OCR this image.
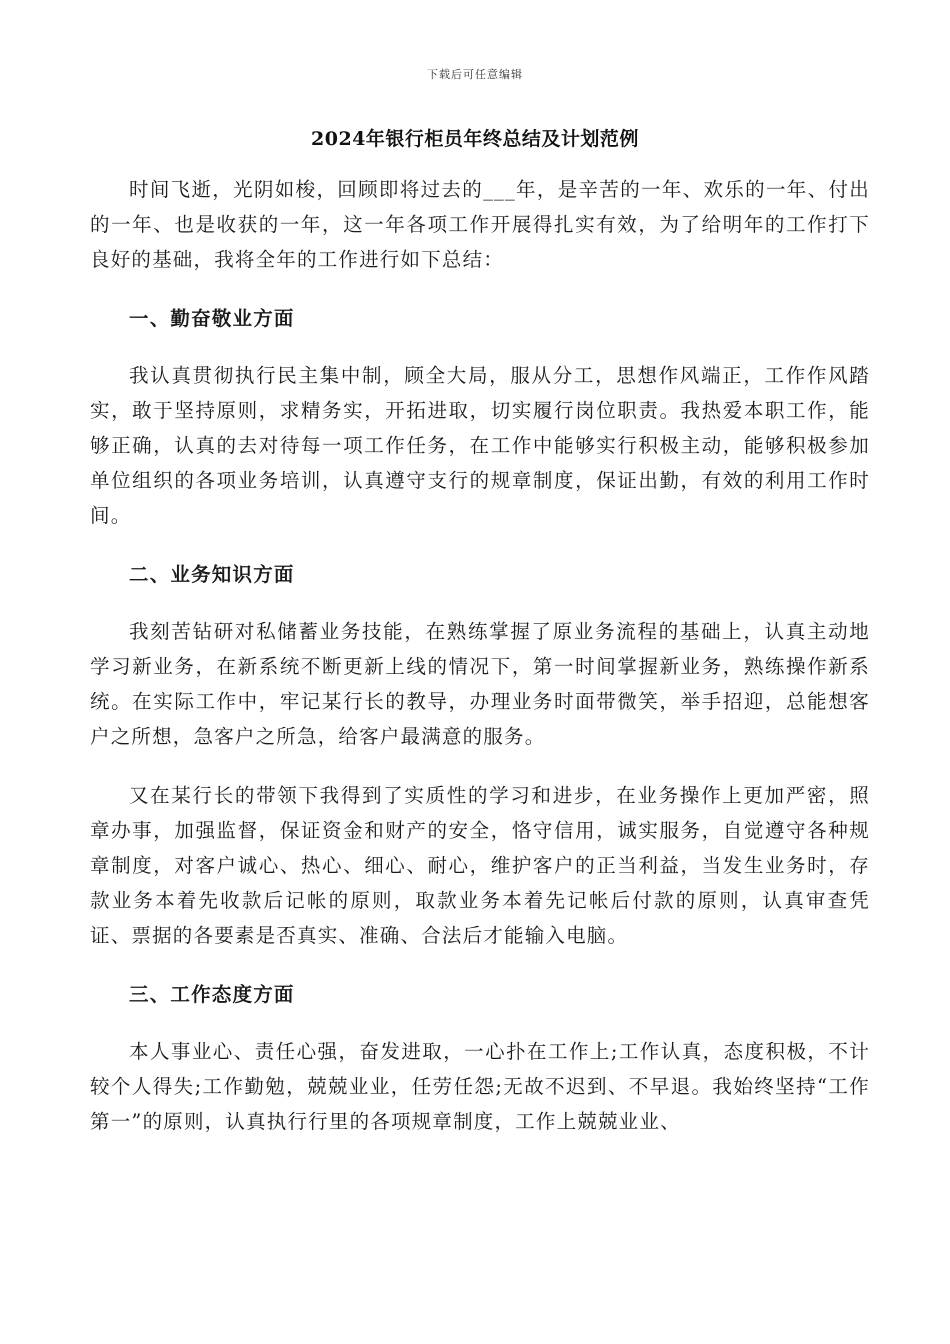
下载后可任意编辑
2024年银行柜员年终总结及计划范例

时间飞逝，光阴如梭，回顾即将过去的___年，是辛苦的一年、欢乐的一年、付出的一年、也是收获的一年，这一年各项工作开展得扎实有效，为了给明年的工作打下良好的基础，我将全年的工作进行如下总结：

一、勤奋敬业方面

我认真贯彻执行民主集中制，顾全大局，服从分工，思想作风端正，工作作风踏实，敢于坚持原则，求精务实，开拓进取，切实履行岗位职责。我热爱本职工作，能够正确，认真的去对待每一项工作任务，在工作中能够实行积极主动，能够积极参加单位组织的各项业务培训，认真遵守支行的规章制度，保证出勤，有效的利用工作时间。

二、业务知识方面

我刻苦钻研对私储蓄业务技能，在熟练掌握了原业务流程的基础上，认真主动地学习新业务，在新系统不断更新上线的情况下，第一时间掌握新业务，熟练操作新系统。在实际工作中，牢记某行长的教导，办理业务时面带微笑，举手招迎，总能想客户之所想，急客户之所急，给客户最满意的服务。

又在某行长的带领下我得到了实质性的学习和进步，在业务操作上更加严密，照章办事，加强监督，保证资金和财产的安全，恪守信用，诚实服务，自觉遵守各种规章制度，对客户诚心、热心、细心、耐心，维护客户的正当利益，当发生业务时，存款业务本着先收款后记帐的原则，取款业务本着先记帐后付款的原则，认真审查凭证、票据的各要素是否真实、准确、合法后才能输入电脑。

三、工作态度方面

本人事业心、责任心强，奋发进取，一心扑在工作上;工作认真，态度积极，不计较个人得失;工作勤勉，兢兢业业，任劳任怨;无故不迟到、不早退。我始终坚持“工作第一”的原则，认真执行行里的各项规章制度，工作上兢兢业业、
